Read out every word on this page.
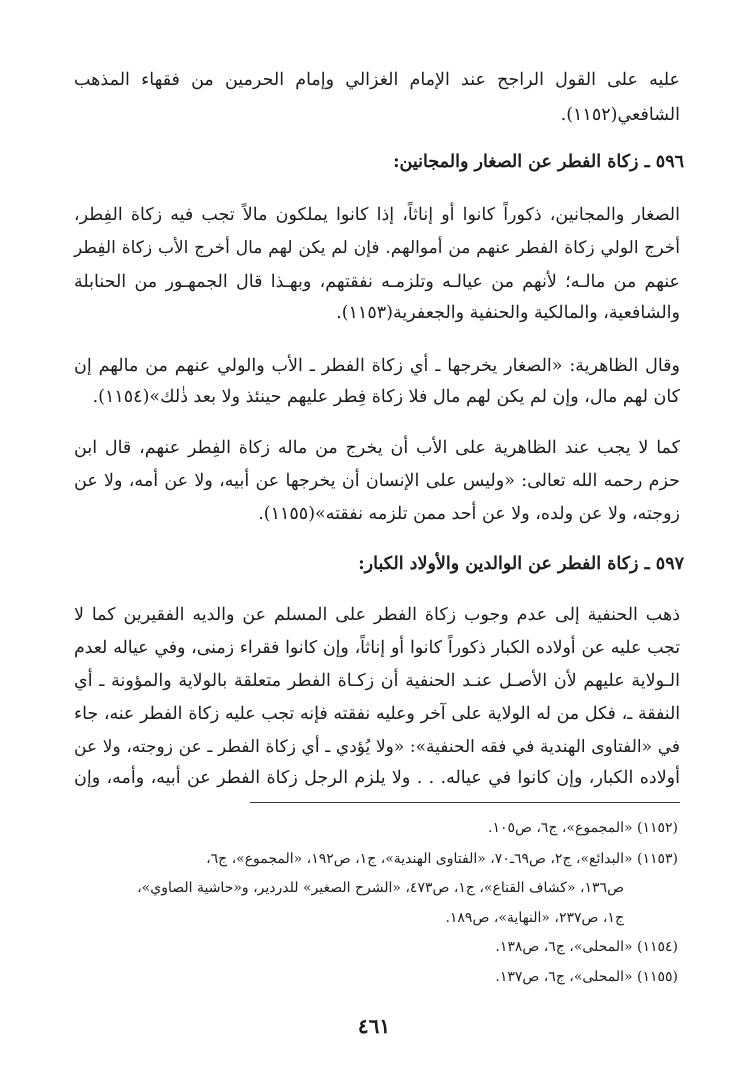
عليه على القول الراجح عند الإمام الغزالي وإمام الحرمين من فقهاء المذهب
الشافعي(١١٥٢).
٥٩٦ ـ زكاة الفطر عن الصغار والمجانين:
الصغار والمجانين، ذكوراً كانوا أو إناثاً، إذا كانوا يملكون مالاً تجب فيه زكاة الفِطر،
أخرج الولي زكاة الفطر عنهم من أموالهم. فإن لم يكن لهم مال أخرج الأب زكاة الفِطر
عنهم من مالـه؛ لأنهم من عيالـه وتلزمـه نفقتهم، وبهـذا قال الجمهـور من الحنابلة
والشافعية، والمالكية والحنفية والجعفرية(١١٥٣).
وقال الظاهرية: «الصغار يخرجها ـ أي زكاة الفطر ـ الأب والولي عنهم من مالهم إن
كان لهم مال، وإن لم يكن لهم مال فلا زكاة فِطر عليهم حينئذ ولا بعد ذٰلك»(١١٥٤).
كما لا يجب عند الظاهرية على الأب أن يخرج من ماله زكاة الفِطر عنهم، قال ابن
حزم رحمه الله تعالى: «وليس على الإنسان أن يخرجها عن أبيه، ولا عن أمه، ولا عن
زوجته، ولا عن ولده، ولا عن أحد ممن تلزمه نفقته»(١١٥٥).
٥٩٧ ـ زكاة الفطر عن الوالدين والأولاد الكبار:
ذهب الحنفية إلى عدم وجوب زكاة الفطر على المسلم عن والديه الفقيرين كما لا
تجب عليه عن أولاده الكبار ذكوراً كانوا أو إناثاً، وإن كانوا فقراء زمنى، وفي عياله لعدم
الـولاية عليهم لأن الأصـل عنـد الحنفية أن زكـاة الفطر متعلقة بالولاية والمؤونة ـ أي
النفقة ـ، فكل من له الولاية على آخر وعليه نفقته فإنه تجب عليه زكاة الفطر عنه، جاء
في «الفتاوى الهندية في فقه الحنفية»: «ولا يُؤدي ـ أي زكاة الفطر ـ عن زوجته، ولا عن
أولاده الكبار، وإن كانوا في عياله. . . ولا يلزم الرجل زكاة الفطر عن أبيه، وأمه، وإن
(١١٥٢) «المجموع»، ج٦، ص١٠٥.
(١١٥٣) «البدائع»، ج٢، ص٦٩ـ٧٠، «الفتاوى الهندية»، ج١، ص١٩٢، «المجموع»، ج٦،
ص١٣٦، «كشاف القناع»، ج١، ص٤٧٣، «الشرح الصغير» للدردير، و«حاشية الصاوي»،
ج١، ص٢٣٧، «النهاية»، ص١٨٩.
(١١٥٤) «المحلى»، ج٦، ص١٣٨.
(١١٥٥) «المحلى»، ج٦، ص١٣٧.
٤٦١
